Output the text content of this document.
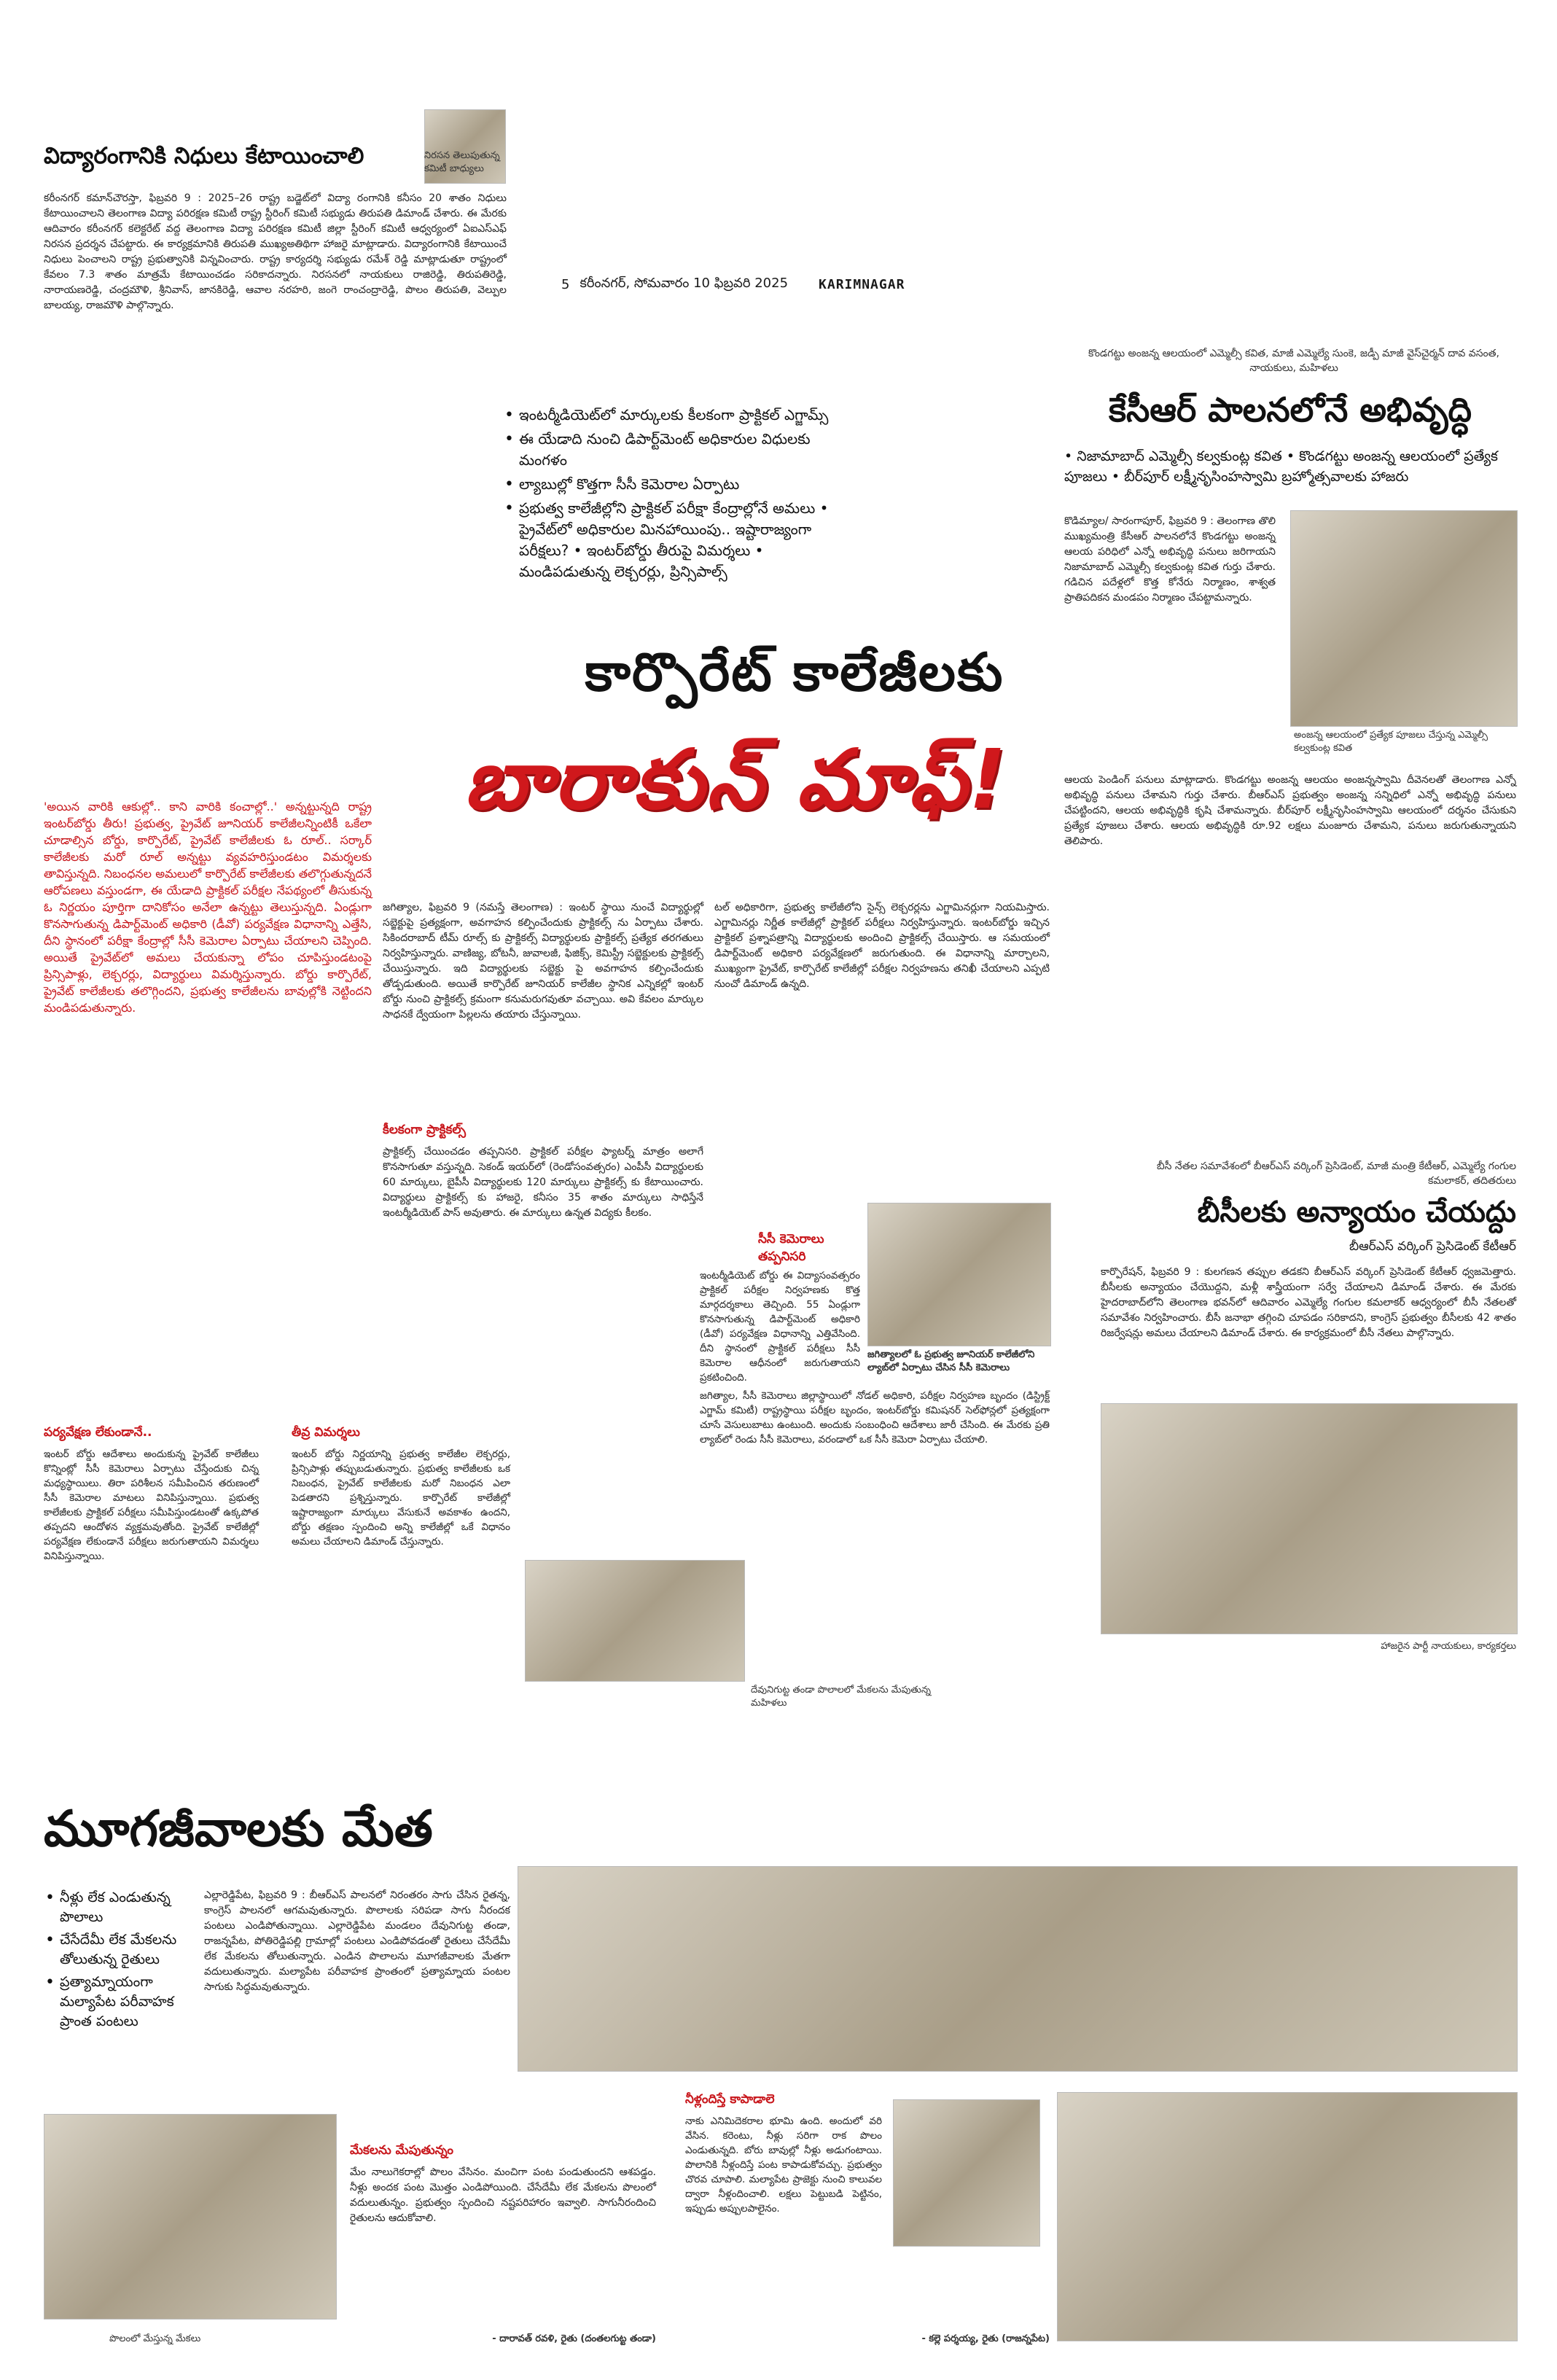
విద్యారంగానికి నిధులు కేటాయించాలి	నిరసన తెలుపుతున్న కమిటీ బాధ్యులు
కరీంనగర్ కమాన్‌చౌరస్తా, ఫిబ్రవరి 9 : 2025–26 రాష్ట్ర బడ్జెట్‌లో విద్యా రంగానికి కనీసం 20 శాతం నిధులు కేటాయించాలని తెలంగాణ విద్యా పరిరక్షణ కమిటీ రాష్ట్ర స్టీరింగ్ కమిటీ సభ్యుడు తిరుపతి డిమాండ్ చేశారు. ఈ మేరకు ఆదివారం కరీంనగర్ కలెక్టరేట్ వద్ద తెలంగాణ విద్యా పరిరక్షణ కమిటీ జిల్లా స్టీరింగ్ కమిటీ ఆధ్వర్యంలో ఏఐఎస్ఎఫ్ నిరసన ప్రదర్శన చేపట్టారు. ఈ కార్యక్రమానికి తిరుపతి ముఖ్యఅతిథిగా హాజరై మాట్లాడారు. విద్యారంగానికి కేటాయించే నిధులు పెంచాలని రాష్ట్ర ప్రభుత్వానికి విన్నవించారు. రాష్ట్ర కార్యదర్శి సభ్యుడు రమేశ్ రెడ్డి మాట్లాడుతూ రాష్ట్రంలో కేవలం 7.3 శాతం మాత్రమే కేటాయించడం సరికాదన్నారు. నిరసనలో నాయకులు రాజిరెడ్డి, తిరుపతిరెడ్డి, నారాయణరెడ్డి, చంద్రమౌళి, శ్రీనివాస్, జానకిరెడ్డి, ఆవాల నరహరి, జంగె రాంచంద్రారెడ్డి, పొలం తిరుపతి, వెల్పుల బాలయ్య, రాజమౌళి పాల్గొన్నారు.
5 కరీంనగర్, సోమవారం 10 ఫిబ్రవరి 2025 KARIMNAGAR
• ఇంటర్మీడియెట్‌లో మార్కులకు కీలకంగా ప్రాక్టికల్ ఎగ్జామ్స్
• ఈ యేడాది నుంచి డిపార్ట్‌మెంట్ అధికారుల విధులకు మంగళం
• ల్యాబుల్లో కొత్తగా సీసీ కెమెరాల ఏర్పాటు
• ప్రభుత్వ కాలేజీల్లోని ప్రాక్టికల్ పరీక్షా కేంద్రాల్లోనే అమలు • ప్రైవేట్‌లో అధికారుల మినహాయింపు.. ఇష్టారాజ్యంగా పరీక్షలు? • ఇంటర్‌బోర్డు తీరుపై విమర్శలు • మండిపడుతున్న లెక్చరర్లు, ప్రిన్సిపాల్స్
కొండగట్టు అంజన్న ఆలయంలో ఎమ్మెల్సీ కవిత, మాజీ ఎమ్మెల్యే సుంకె, జడ్పీ మాజీ వైస్‌చైర్మన్ దావ వసంత, నాయకులు, మహిళలు
కేసీఆర్ పాలనలోనే అభివృద్ధి
• నిజామాబాద్ ఎమ్మెల్సీ కల్వకుంట్ల కవిత • కొండగట్టు అంజన్న ఆలయంలో ప్రత్యేక పూజలు • బీర్‌పూర్ లక్ష్మీనృసింహస్వామి బ్రహ్మోత్సవాలకు హాజరు
కొడిమ్యాల/ సారంగాపూర్, ఫిబ్రవరి 9 : తెలంగాణ తొలి ముఖ్యమంత్రి కేసీఆర్ పాలనలోనే కొండగట్టు అంజన్న ఆలయ పరిధిలో ఎన్నో అభివృద్ధి పనులు జరిగాయని నిజామాబాద్ ఎమ్మెల్సీ కల్వకుంట్ల కవిత గుర్తు చేశారు. గడిచిన పదేళ్లలో కొత్త కోనేరు నిర్మాణం, శాశ్వత ప్రాతిపదికన మండపం నిర్మాణం చేపట్టామన్నారు.
అంజన్న ఆలయంలో ప్రత్యేక పూజలు చేస్తున్న ఎమ్మెల్సీ కల్వకుంట్ల కవిత
ఆలయ పెండింగ్ పనులు మాట్లాడారు. కొండగట్టు అంజన్న ఆలయం అంజన్నస్వామి దీవెనలతో తెలంగాణ ఎన్నో అభివృద్ధి పనులు చేశామని గుర్తు చేశారు. బీఆర్ఎస్ ప్రభుత్వం అంజన్న సన్నిధిలో ఎన్నో అభివృద్ధి పనులు చేపట్టిందని, ఆలయ అభివృద్ధికి కృషి చేశామన్నారు. బీర్‌పూర్ లక్ష్మీనృసింహస్వామి ఆలయంలో దర్శనం చేసుకుని ప్రత్యేక పూజలు చేశారు. ఆలయ అభివృద్ధికి రూ.92 లక్షలు మంజూరు చేశామని, పనులు జరుగుతున్నాయని తెలిపారు.
కార్పొరేట్ కాలేజీలకు
బారాకున్ మాఫ్!
'అయిన వారికి ఆకుల్లో.. కాని వారికి కంచాల్లో..' అన్నట్టున్నది రాష్ట్ర ఇంటర్‌బోర్డు తీరు! ప్రభుత్వ, ప్రైవేట్ జూనియర్ కాలేజీలన్నింటికీ ఒకేలా చూడాల్సిన బోర్డు, కార్పొరేట్, ప్రైవేట్ కాలేజీలకు ఓ రూల్.. సర్కార్ కాలేజీలకు మరో రూల్ అన్నట్టు వ్యవహరిస్తుండటం విమర్శలకు తావిస్తున్నది. నిబంధనల అమలులో కార్పొరేట్ కాలేజీలకు తలొగ్గుతున్నదనే ఆరోపణలు వస్తుండగా, ఈ యేడాది ప్రాక్టికల్ పరీక్షల నేపథ్యంలో తీసుకున్న ఓ నిర్ణయం పూర్తిగా దానికోసం అనేలా ఉన్నట్టు తెలుస్తున్నది. ఏండ్లుగా కొనసాగుతున్న డిపార్ట్‌మెంట్ అధికారి (డీవో) పర్యవేక్షణ విధానాన్ని ఎత్తేసి, దీని స్థానంలో పరీక్షా కేంద్రాల్లో సీసీ కెమెరాల ఏర్పాటు చేయాలని చెప్పింది. అయితే ప్రైవేట్‌లో అమలు చేయకున్నా లోపం చూపిస్తుండటంపై ప్రిన్సిపాళ్లు, లెక్చరర్లు, విద్యార్థులు విమర్శిస్తున్నారు. బోర్డు కార్పొరేట్, ప్రైవేట్ కాలేజీలకు తలొగ్గిందని, ప్రభుత్వ కాలేజీలను బావుల్లోకి నెట్టిందని మండిపడుతున్నారు.
జగిత్యాల, ఫిబ్రవరి 9 (నమస్తే తెలంగాణ) : ఇంటర్ స్థాయి నుంచే విద్యార్థుల్లో సబ్జెక్టుపై ప్రత్యక్షంగా, అవగాహన కల్పించేందుకు ప్రాక్టికల్స్ ను ఏర్పాటు చేశారు. సికిందరాబాద్ టీమ్ రూల్స్ కు ప్రాక్టికల్స్ విద్యార్థులకు ప్రాక్టికల్స్ ప్రత్యేక తరగతులు నిర్వహిస్తున్నారు. వాణిజ్య, బోటనీ, జువాలజీ, ఫిజిక్స్, కెమిస్ట్రీ సబ్జెక్టులకు ప్రాక్టికల్స్ చేయిస్తున్నారు. ఇది విద్యార్థులకు సబ్జెక్టు పై అవగాహన కల్పించేందుకు తోడ్పడుతుంది. అయితే కార్పొరేట్ జూనియర్ కాలేజీల స్థానిక ఎన్నికల్లో ఇంటర్ బోర్డు నుంచి ప్రాక్టికల్స్ క్రమంగా కనుమరుగవుతూ వచ్చాయి. అవి కేవలం మార్కుల సాధనకే ద్వేయంగా పిల్లలను తయారు చేస్తున్నాయి.
కీలకంగా ప్రాక్టికల్స్
ప్రాక్టికల్స్ చేయించడం తప్పనిసరి. ప్రాక్టికల్ పరీక్షల ఫ్యాటర్న్ మాత్రం అలాగే కొనసాగుతూ వస్తున్నది. సెకండ్ ఇయర్‌లో (రెండోసంవత్సరం) ఎంపీసీ విద్యార్థులకు 60 మార్కులు, బైపీసీ విద్యార్థులకు 120 మార్కులు ప్రాక్టికల్స్ కు కేటాయించారు. విద్యార్థులు ప్రాక్టికల్స్ కు హాజరై, కనీసం 35 శాతం మార్కులు సాధిస్తేనే ఇంటర్మీడియెట్ పాస్ అవుతారు. ఈ మార్కులు ఉన్నత విద్యకు కీలకం.
టల్ అధికారిగా, ప్రభుత్వ కాలేజీలోని సైన్స్ లెక్చరర్లను ఎగ్జామినర్లుగా నియమిస్తారు. ఎగ్జామినర్లు నిర్ణీత కాలేజీల్లో ప్రాక్టికల్ పరీక్షలు నిర్వహిస్తున్నారు. ఇంటర్‌బోర్డు ఇచ్చిన ప్రాక్టికల్ ప్రశ్నాపత్రాన్ని విద్యార్థులకు అందించి ప్రాక్టికల్స్ చేయిస్తారు. ఆ సమయంలో డిపార్ట్‌మెంట్ అధికారి పర్యవేక్షణలో జరుగుతుంది. ఈ విధానాన్ని మార్చాలని, ముఖ్యంగా ప్రైవేట్, కార్పొరేట్ కాలేజీల్లో పరీక్షల నిర్వహణను తనిఖీ చేయాలని ఎప్పటి నుంచో డిమాండ్ ఉన్నది.
సీసీ కెమెరాలు తప్పనిసరి
ఇంటర్మీడియెట్ బోర్డు ఈ విద్యాసంవత్సరం ప్రాక్టికల్ పరీక్షల నిర్వహణకు కొత్త మార్గదర్శకాలు తెచ్చింది. 55 ఏండ్లుగా కొనసాగుతున్న డిపార్ట్‌మెంట్ అధికారి (డీవో) పర్యవేక్షణ విధానాన్ని ఎత్తివేసింది. దీని స్థానంలో ప్రాక్టికల్ పరీక్షలు సీసీ కెమెరాల ఆధీనంలో జరుగుతాయని ప్రకటించింది.
జగిత్యాలలో ఓ ప్రభుత్వ జూనియర్ కాలేజీలోని ల్యాబ్‌లో ఏర్పాటు చేసిన సీసీ కెమెరాలు
జగిత్యాల, సీసీ కెమెరాలు జిల్లాస్థాయిలో నోడల్ అధికారి, పరీక్షల నిర్వహణ బృందం (డిస్ట్రిక్ట్ ఎగ్జామ్ కమిటీ) రాష్ట్రస్థాయి పరీక్షల బృందం, ఇంటర్‌బోర్డు కమిషనర్ సెల్‌ఫోన్లలో ప్రత్యక్షంగా చూసే వెసులుబాటు ఉంటుంది. అందుకు సంబంధించి ఆదేశాలు జారీ చేసింది. ఈ మేరకు ప్రతి ల్యాబ్‌లో రెండు సీసీ కెమెరాలు, వరండాలో ఒక సీసీ కెమెరా ఏర్పాటు చేయాలి.
పర్యవేక్షణ లేకుండానే..
ఇంటర్ బోర్డు ఆదేశాలు అందుకున్న ప్రైవేట్ కాలేజీలు కొన్నింట్లో సీసీ కెమెరాలు ఏర్పాటు చేస్తేందుకు చిన్న మధ్యస్థాయిలు. తిరా పరిశీలన సమీపించిన తరుణంలో సీసీ కెమెరాల మాటలు వినిపిస్తున్నాయి. ప్రభుత్వ కాలేజీలకు ప్రాక్టికల్ పరీక్షలు సమీపిస్తుండటంతో ఉక్కపోత తప్పదని ఆందోళన వ్యక్తమవుతోంది. ప్రైవేట్ కాలేజీల్లో పర్యవేక్షణ లేకుండానే పరీక్షలు జరుగుతాయని విమర్శలు వినిపిస్తున్నాయి.
తీవ్ర విమర్శలు
ఇంటర్ బోర్డు నిర్ణయాన్ని ప్రభుత్వ కాలేజీల లెక్చరర్లు, ప్రిన్సిపాళ్లు తప్పుబడుతున్నారు. ప్రభుత్వ కాలేజీలకు ఒక నిబంధన, ప్రైవేట్ కాలేజీలకు మరో నిబంధన ఎలా పెడతారని ప్రశ్నిస్తున్నారు. కార్పొరేట్ కాలేజీల్లో ఇష్టారాజ్యంగా మార్కులు వేసుకునే అవకాశం ఉందని, బోర్డు తక్షణం స్పందించి అన్ని కాలేజీల్లో ఒకే విధానం అమలు చేయాలని డిమాండ్ చేస్తున్నారు.
దేవునిగుట్ట తండా పొలాలలో మేకలను మేపుతున్న మహిళలు
బీసీ నేతల సమావేశంలో బీఆర్ఎస్ వర్కింగ్ ప్రెసిడెంట్, మాజీ మంత్రి కేటీఆర్, ఎమ్మెల్యే గంగుల కమలాకర్, తదితరులు
బీసీలకు అన్యాయం చేయద్దు
బీఆర్ఎస్ వర్కింగ్ ప్రెసిడెంట్ కేటీఆర్
కార్పొరేషన్, ఫిబ్రవరి 9 : కులగణన తప్పుల తడకని బీఆర్ఎస్ వర్కింగ్ ప్రెసిడెంట్ కేటీఆర్ ధ్వజమెత్తారు. బీసీలకు అన్యాయం చేయొద్దని, మళ్లీ శాస్త్రీయంగా సర్వే చేయాలని డిమాండ్ చేశారు. ఈ మేరకు హైదరాబాద్‌లోని తెలంగాణ భవన్‌లో ఆదివారం ఎమ్మెల్యే గంగుల కమలాకర్ ఆధ్వర్యంలో బీసీ నేతలతో సమావేశం నిర్వహించారు. బీసీ జనాభా తగ్గించి చూపడం సరికాదని, కాంగ్రెస్ ప్రభుత్వం బీసీలకు 42 శాతం రిజర్వేషన్లు అమలు చేయాలని డిమాండ్ చేశారు. ఈ కార్యక్రమంలో బీసీ నేతలు పాల్గొన్నారు.
హాజరైన పార్టీ నాయకులు, కార్యకర్తలు
మూగజీవాలకు మేత
• నీళ్లు లేక ఎండుతున్న పొలాలు
• చేసేదేమీ లేక మేకలను తోలుతున్న రైతులు
• ప్రత్యామ్నాయంగా మల్యాపేట పరీవాహక ప్రాంత పంటలు
ఎల్లారెడ్డిపేట, ఫిబ్రవరి 9 : బీఆర్ఎస్ పాలనలో నిరంతరం సాగు చేసిన రైతన్న, కాంగ్రెస్ పాలనలో ఆగమవుతున్నారు. పొలాలకు సరిపడా సాగు నీరందక పంటలు ఎండిపోతున్నాయి. ఎల్లారెడ్డిపేట మండలం దేవునిగుట్ట తండా, రాజన్నపేట, పోతిరెడ్డిపల్లి గ్రామాల్లో పంటలు ఎండిపోవడంతో రైతులు చేసేదేమీ లేక మేకలను తోలుతున్నారు. ఎండిన పొలాలను మూగజీవాలకు మేతగా వదులుతున్నారు. మల్యాపేట పరీవాహక ప్రాంతంలో ప్రత్యామ్నాయ పంటల సాగుకు సిద్ధమవుతున్నారు.
పొలంలో మేస్తున్న మేకలు
మేకలను మేపుతున్నం
మేం నాలుగెకరాల్లో పొలం వేసినం. మంచిగా పంట పండుతుందని ఆశపడ్డం. నీళ్లు అందక పంట మొత్తం ఎండిపోయింది. చేసేదేమీ లేక మేకలను పొలంలో వదులుతున్నం. ప్రభుత్వం స్పందించి నష్టపరిహారం ఇవ్వాలి. సాగునీరందించి రైతులను ఆదుకోవాలి.
- దారావత్ రవళి, రైతు (దంతలగుట్ట తండా)
నీళ్లందిస్తే కాపాడాలె
నాకు ఎనిమిదెకరాల భూమి ఉంది. అందులో వరి వేసిన. కరెంటు, నీళ్లు సరిగా రాక పొలం ఎండుతున్నది. బోరు బావుల్లో నీళ్లు అడుగంటాయి. పొలానికి నీళ్లందిస్తే పంట కాపాడుకోవచ్చు. ప్రభుత్వం చొరవ చూపాలి. మల్యాపేట ప్రాజెక్టు నుంచి కాలువల ద్వారా నీళ్లందించాలి. లక్షలు పెట్టుబడి పెట్టినం, ఇప్పుడు అప్పులపాలైనం.
- కల్లె పర్శయ్య, రైతు (రాజన్నపేట)
